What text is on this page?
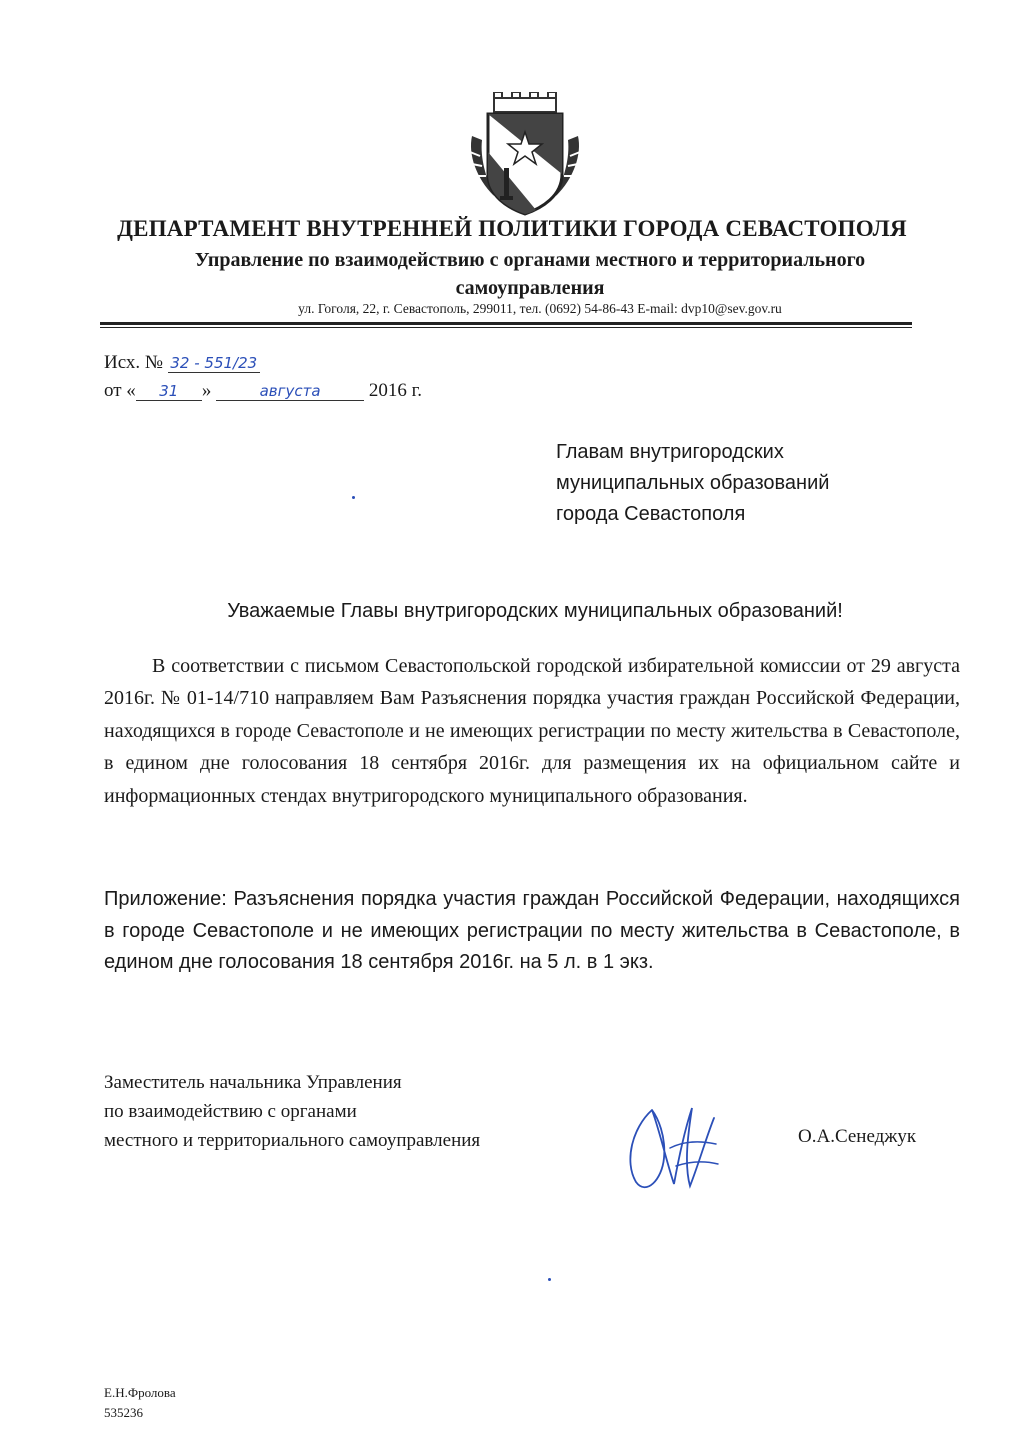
ДЕПАРТАМЕНТ ВНУТРЕННЕЙ ПОЛИТИКИ ГОРОДА СЕВАСТОПОЛЯ
Управление по взаимодействию с органами местного и территориального
самоуправления
ул. Гоголя, 22, г. Севастополь, 299011, тел. (0692) 54-86-43 E-mail: dvp10@sev.gov.ru
Исх. № 32 - 551/23
от « 31 »	августа	2016 г.
Главам внутригородских
муниципальных образований
города Севастополя
Уважаемые Главы внутригородских муниципальных образований!
В соответствии с письмом Севастопольской городской избирательной комиссии от 29 августа 2016г. № 01-14/710 направляем Вам Разъяснения порядка участия граждан Российской Федерации, находящихся в городе Севастополе и не имеющих регистрации по месту жительства в Севастополе, в едином дне голосования 18 сентября 2016г. для размещения их на официальном сайте и информационных стендах внутригородского муниципального образования.
Приложение: Разъяснения порядка участия граждан Российской Федерации, находящихся в городе Севастополе и не имеющих регистрации по месту жительства в Севастополе, в едином дне голосования 18 сентября 2016г. на 5 л. в 1 экз.
Заместитель начальника Управления
по взаимодействию с органами
местного и территориального самоуправления	О.А.Сенеджук
Е.Н.Фролова
535236
